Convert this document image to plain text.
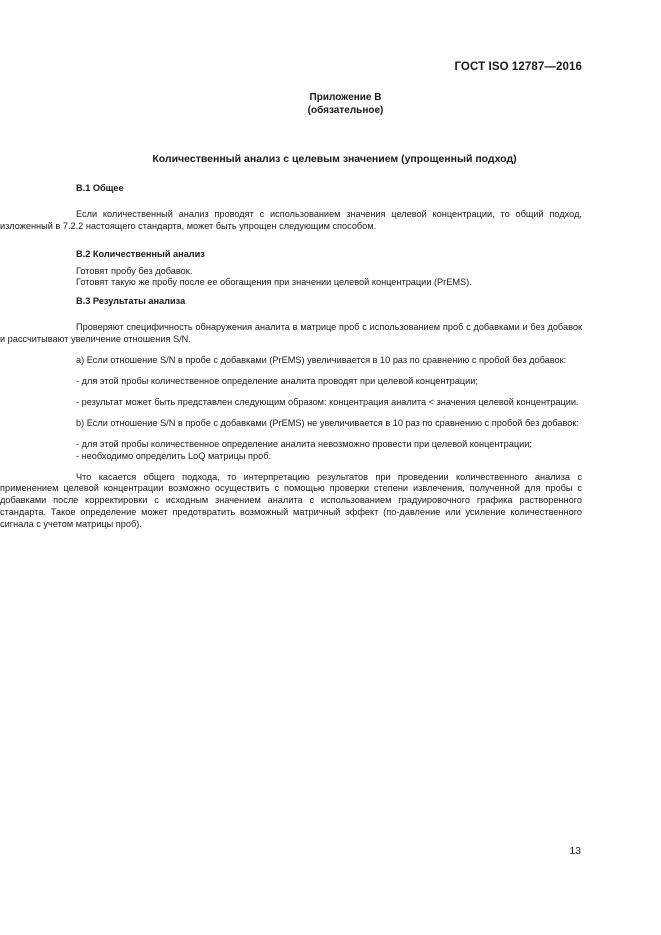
ГОСТ ISO 12787—2016
Приложение В
(обязательное)
Количественный анализ с целевым значением (упрощенный подход)

В.1 Общее

Если количественный анализ проводят с использованием значения целевой концентрации, то общий подход, изложенный в 7.2.2 настоящего стандарта, может быть упрощен следующим способом.

В.2 Количественный анализ

Готовят пробу без добавок.

Готовят такую же пробу после ее обогащения при значении целевой концентрации (PrEMS).

В.3 Результаты анализа

Проверяют специфичность обнаружения аналита в матрице проб с использованием проб с добавками и без добавок и рассчитывают увеличение отношения S/N.

а) Если отношение S/N в пробе с добавками (PrEMS) увеличивается в 10 раз по сравнению с пробой без добавок:

- для этой пробы количественное определение аналита проводят при целевой концентрации;

- результат может быть представлен следующим образом: концентрация аналита < значения целевой концентрации.

b) Если отношение S/N в пробе с добавками (PrEMS) не увеличивается в 10 раз по сравнению с пробой без добавок:

- для этой пробы количественное определение аналита невозможно провести при целевой концентрации;

- необходимо определить LoQ матрицы проб.

Что касается общего подхода, то интерпретацию результатов при проведении количественного анализа с применением целевой концентрации возможно осуществить с помощью проверки степени извлечения, полученной для пробы с добавками после корректировки с исходным значением аналита с использованием градуировочного графика растворенного стандарта. Такое определение может предотвратить возможный матричный эффект (по-давление или усиление количественного сигнала с учетом матрицы проб).

13
